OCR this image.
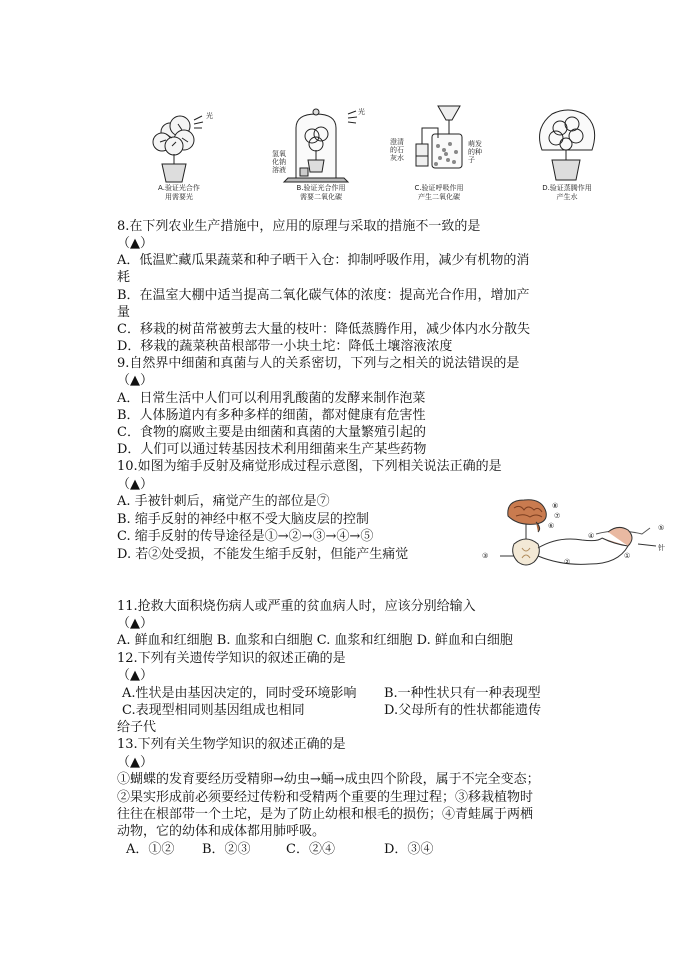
光
A.验证光合作
用需要光
光
氢氧
化钠
溶液
B.验证光合作用
需要二氧化碳
澄清
的石
灰水
萌发
的种
子
C.验证呼吸作用
产生二氧化碳
D.验证蒸腾作用
产生水
8.在下列农业生产措施中，应用的原理与采取的措施不一致的是
（▲）
A．低温贮藏瓜果蔬菜和种子晒干入仓：抑制呼吸作用，减少有机物的消
耗
B．在温室大棚中适当提高二氧化碳气体的浓度：提高光合作用，增加产
量
C．移栽的树苗常被剪去大量的枝叶：降低蒸腾作用，减少体内水分散失
D．移栽的蔬菜秧苗根部带一小块土坨：降低土壤溶液浓度
9.自然界中细菌和真菌与人的关系密切，下列与之相关的说法错误的是
（▲）
A．日常生活中人们可以利用乳酸菌的发酵来制作泡菜
B．人体肠道内有多种多样的细菌，都对健康有危害性
C．食物的腐败主要是由细菌和真菌的大量繁殖引起的
D．人们可以通过转基因技术利用细菌来生产某些药物
10.如图为缩手反射及痛觉形成过程示意图，下列相关说法正确的是
（▲）
A. 手被针刺后，痛觉产生的部位是⑦
B. 缩手反射的神经中枢不受大脑皮层的控制
C. 缩手反射的传导途径是①→②→③→④→⑤
D. 若②处受损，不能发生缩手反射，但能产生痛觉
⑧
⑦
⑥
③
④
②
①
⑤
针
11.抢救大面积烧伤病人或严重的贫血病人时，应该分别给输入
（▲）
A. 鲜血和红细胞 B. 血浆和白细胞 C. 血浆和红细胞 D. 鲜血和白细胞
12.下列有关遗传学知识的叙述正确的是
（▲）
A.性状是由基因决定的，同时受环境影响 B.一种性状只有一种表现型
C.表现型相同则基因组成也相同	D.父母所有的性状都能遗传
给子代
13.下列有关生物学知识的叙述正确的是
（▲）
①蝴蝶的发育要经历受精卵→幼虫→蛹→成虫四个阶段，属于不完全变态；
②果实形成前必须要经过传粉和受精两个重要的生理过程；③移栽植物时
往往在根部带一个土坨，是为了防止幼根和根毛的损伤；④青蛙属于两栖
动物，它的幼体和成体都用肺呼吸。
A．①② B．②③	C．②④	D．③④
